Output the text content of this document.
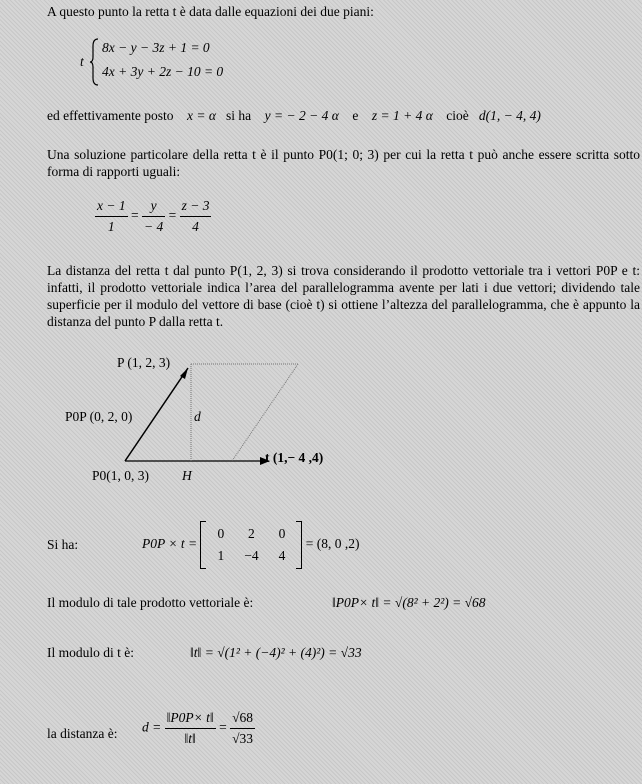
A questo punto la retta t è data dalle equazioni dei due piani:
t
8x − y − 3z + 1 = 0
4x + 3y + 2z − 10 = 0
ed effettivamente posto x = α si ha y = − 2 − 4 α e z = 1 + 4 α cioè d(1, − 4, 4)
Una soluzione particolare della retta t è il punto P0(1; 0; 3) per cui la retta t può anche essere scritta sotto forma di rapporti uguali:
$\frac{x - 1}{1} = \frac{y}{- 4} = \frac{z - 3}{4}$
La distanza del retta t dal punto P(1, 2, 3) si trova considerando il prodotto vettoriale tra i vettori P0P e t: infatti, il prodotto vettoriale indica l’area del parallelogramma avente per lati i due vettori; dividendo tale superficie per il modulo del vettore di base (cioè t) si ottiene l’altezza del parallelogramma, che è appunto la distanza del punto P dalla retta t.
P (1, 2, 3)
P0P (0, 2, 0)	d
P0(1, 0, 3) H
t (1,− 4 ,4)
Si ha:	P0P × t =
0	2	0
1	−4	4
= (8, 0 ,2)
Il modulo di tale prodotto vettoriale è:	‖P0P× t‖ = √(8² + 2²) = √68
Il modulo di t è:	‖t‖ = √(1² + (−4)² + (4)²) = √33
la distanza è: $d = \frac{‖P0P\times t‖}{‖t‖} = \frac{√68}{√33}$
